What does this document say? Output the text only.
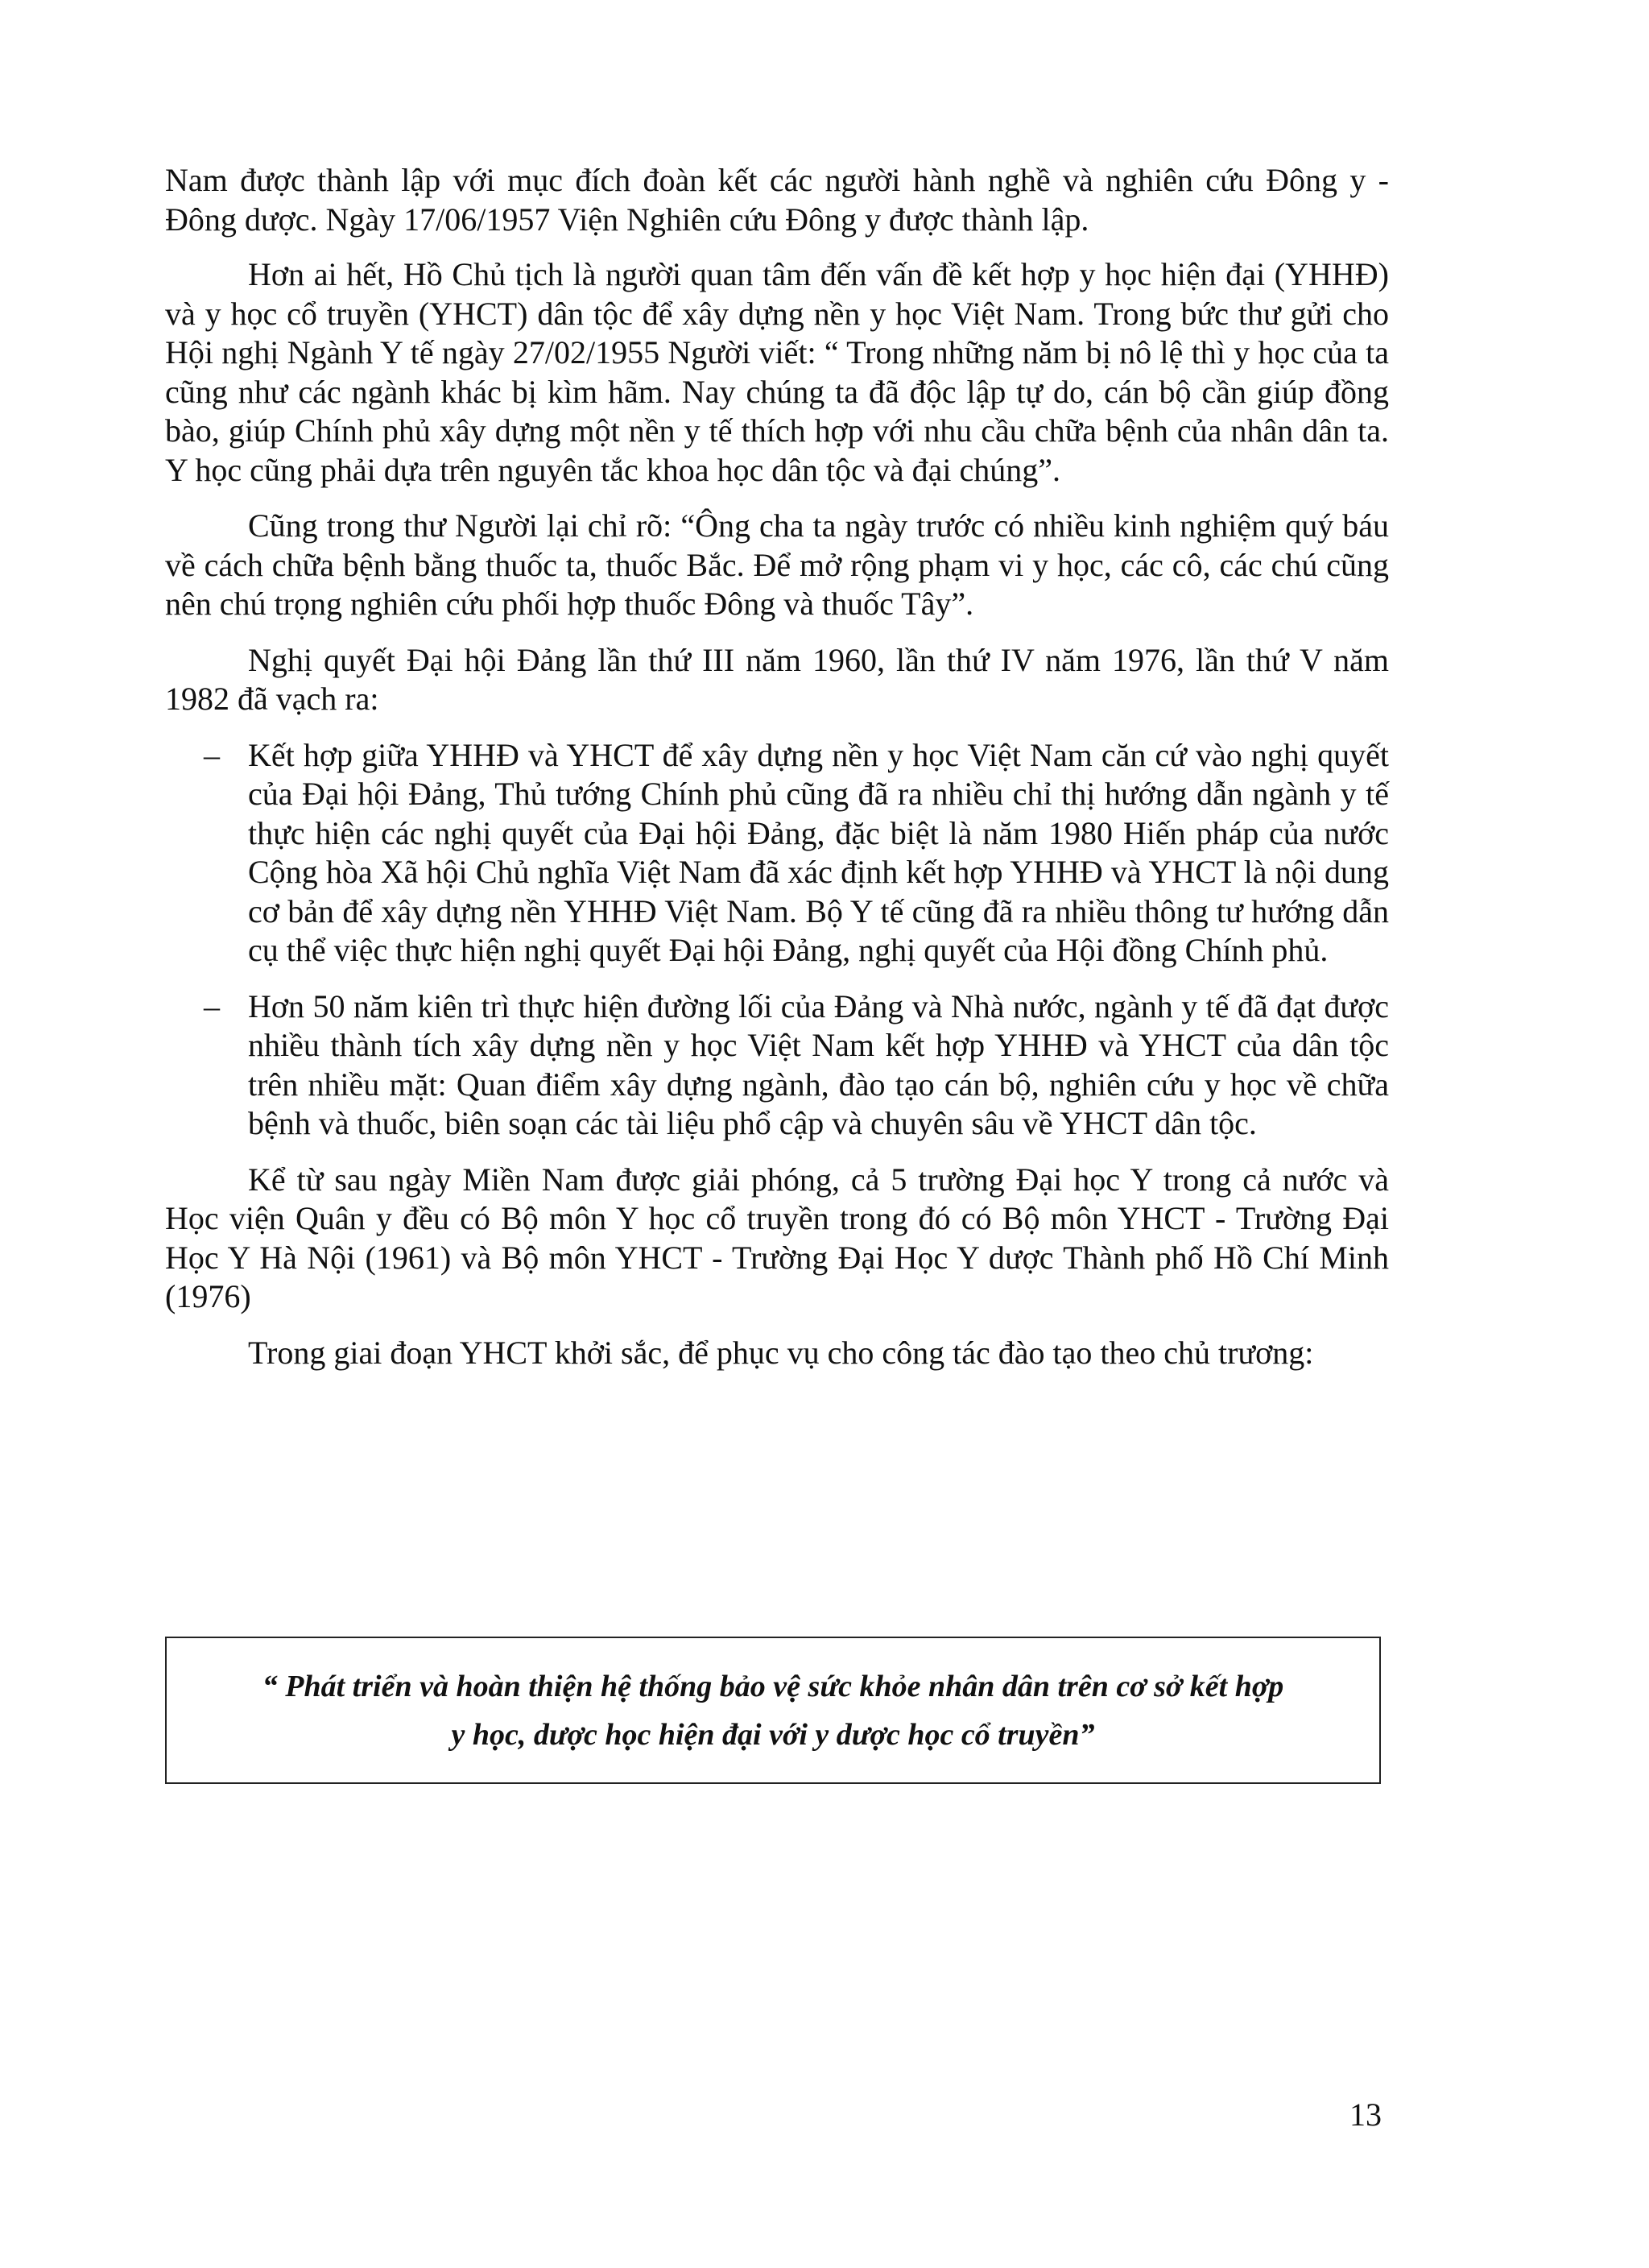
Nam được thành lập với mục đích đoàn kết các người hành nghề và nghiên cứu Đông y - Đông dược. Ngày 17/06/1957 Viện Nghiên cứu Đông y được thành lập.

Hơn ai hết, Hồ Chủ tịch là người quan tâm đến vấn đề kết hợp y học hiện đại (YHHĐ) và y học cổ truyền (YHCT) dân tộc để xây dựng nền y học Việt Nam. Trong bức thư gửi cho Hội nghị Ngành Y tế ngày 27/02/1955 Người viết: “ Trong những năm bị nô lệ thì y học của ta cũng như các ngành khác bị kìm hãm. Nay chúng ta đã độc lập tự do, cán bộ cần giúp đồng bào, giúp Chính phủ xây dựng một nền y tế thích hợp với nhu cầu chữa bệnh của nhân dân ta. Y học cũng phải dựa trên nguyên tắc khoa học dân tộc và đại chúng”.

Cũng trong thư Người lại chỉ rõ: “Ông cha ta ngày trước có nhiều kinh nghiệm quý báu về cách chữa bệnh bằng thuốc ta, thuốc Bắc. Để mở rộng phạm vi y học, các cô, các chú cũng nên chú trọng nghiên cứu phối hợp thuốc Đông và thuốc Tây”.

Nghị quyết Đại hội Đảng lần thứ III năm 1960, lần thứ IV năm 1976, lần thứ V năm 1982 đã vạch ra:

– Kết hợp giữa YHHĐ và YHCT để xây dựng nền y học Việt Nam căn cứ vào nghị quyết của Đại hội Đảng, Thủ tướng Chính phủ cũng đã ra nhiều chỉ thị hướng dẫn ngành y tế thực hiện các nghị quyết của Đại hội Đảng, đặc biệt là năm 1980 Hiến pháp của nước Cộng hòa Xã hội Chủ nghĩa Việt Nam đã xác định kết hợp YHHĐ và YHCT là nội dung cơ bản để xây dựng nền YHHĐ Việt Nam. Bộ Y tế cũng đã ra nhiều thông tư hướng dẫn cụ thể việc thực hiện nghị quyết Đại hội Đảng, nghị quyết của Hội đồng Chính phủ.

– Hơn 50 năm kiên trì thực hiện đường lối của Đảng và Nhà nước, ngành y tế đã đạt được nhiều thành tích xây dựng nền y học Việt Nam kết hợp YHHĐ và YHCT của dân tộc trên nhiều mặt: Quan điểm xây dựng ngành, đào tạo cán bộ, nghiên cứu y học về chữa bệnh và thuốc, biên soạn các tài liệu phổ cập và chuyên sâu về YHCT dân tộc.

Kể từ sau ngày Miền Nam được giải phóng, cả 5 trường Đại học Y trong cả nước và Học viện Quân y đều có Bộ môn Y học cổ truyền trong đó có Bộ môn YHCT - Trường Đại Học Y Hà Nội (1961) và Bộ môn YHCT - Trường Đại Học Y dược Thành phố Hồ Chí Minh (1976)

Trong giai đoạn YHCT khởi sắc, để phục vụ cho công tác đào tạo theo chủ trương:

“ Phát triển và hoàn thiện hệ thống bảo vệ sức khỏe nhân dân trên cơ sở kết hợp
y học, dược học hiện đại với y dược học cổ truyền”
13
